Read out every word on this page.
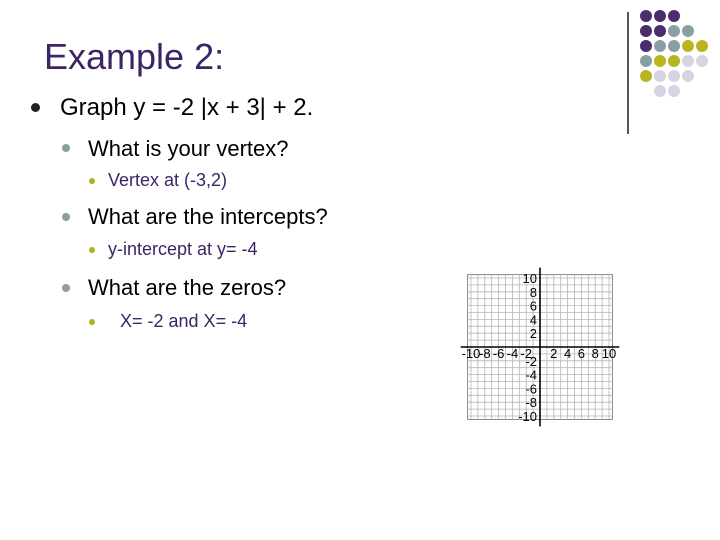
Example 2:
Graph y = -2 |x + 3| + 2.
What is your vertex?
Vertex at (-3,2)
What are the intercepts?
y-intercept at y= -4
What are the zeros?
X= -2 and X= -4
-10
-8 -6 -4 -2 2 4 6 8 10
10
8
6
4
2
-2
-4
-6
-8
-10
